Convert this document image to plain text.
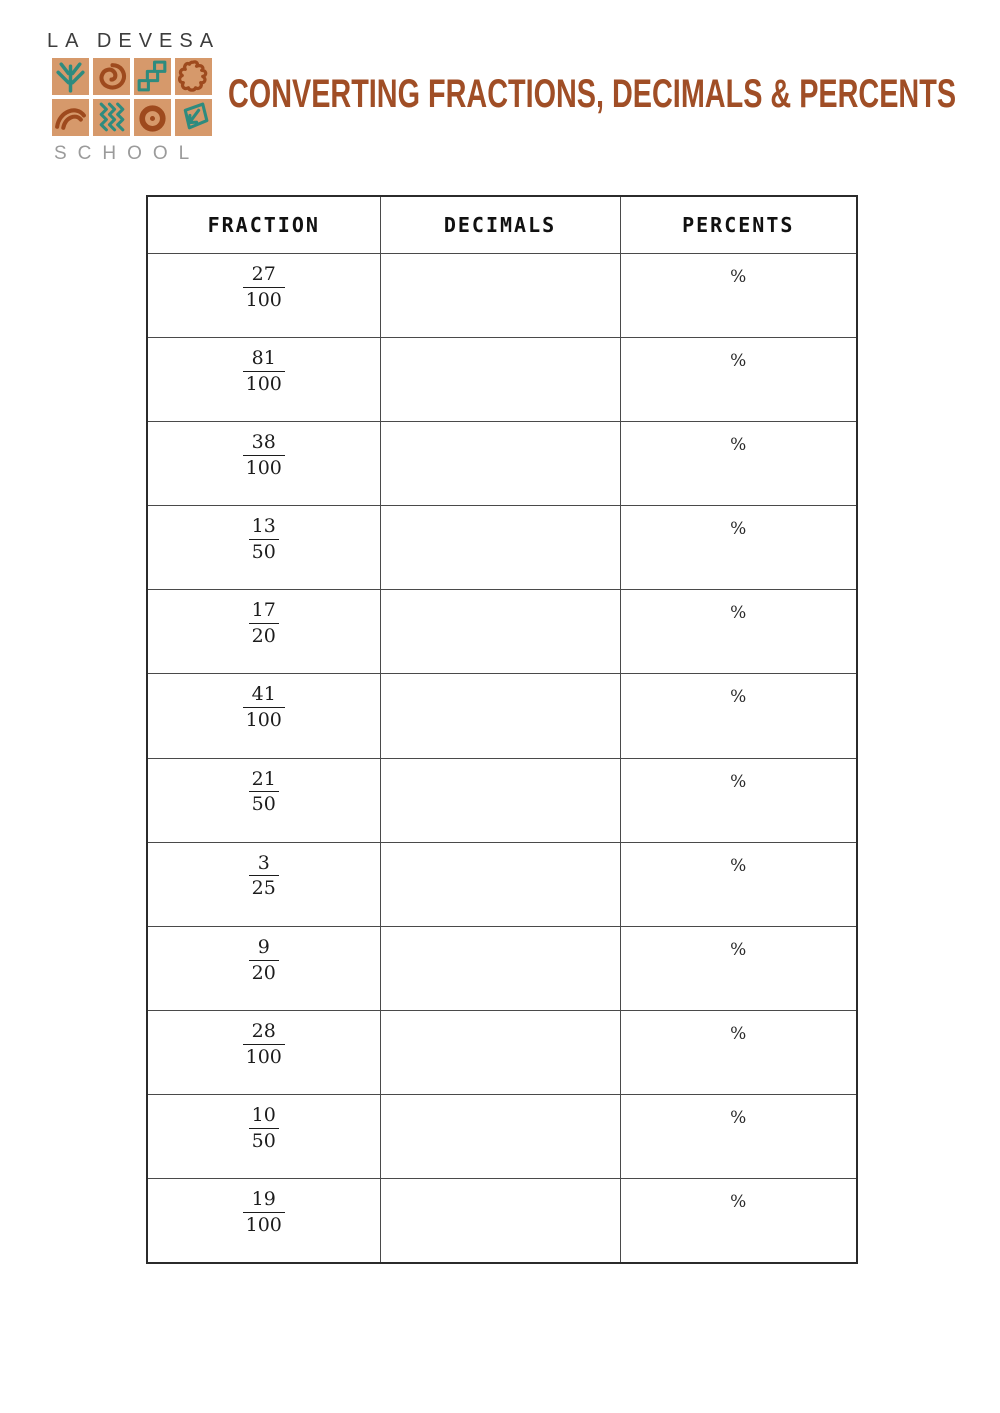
LA DEVESA
SCHOOL
CONVERTING FRACTIONS, DECIMALS & PERCENTS
FRACTION	DECIMALS	PERCENTS

$\frac{27}{100}$		%

$\frac{81}{100}$		%

$\frac{38}{100}$		%

$\frac{13}{50}$		%

$\frac{17}{20}$		%

$\frac{41}{100}$		%

$\frac{21}{50}$		%

$\frac{3}{25}$		%

$\frac{9}{20}$		%

$\frac{28}{100}$		%

$\frac{10}{50}$		%

$\frac{19}{100}$		%
